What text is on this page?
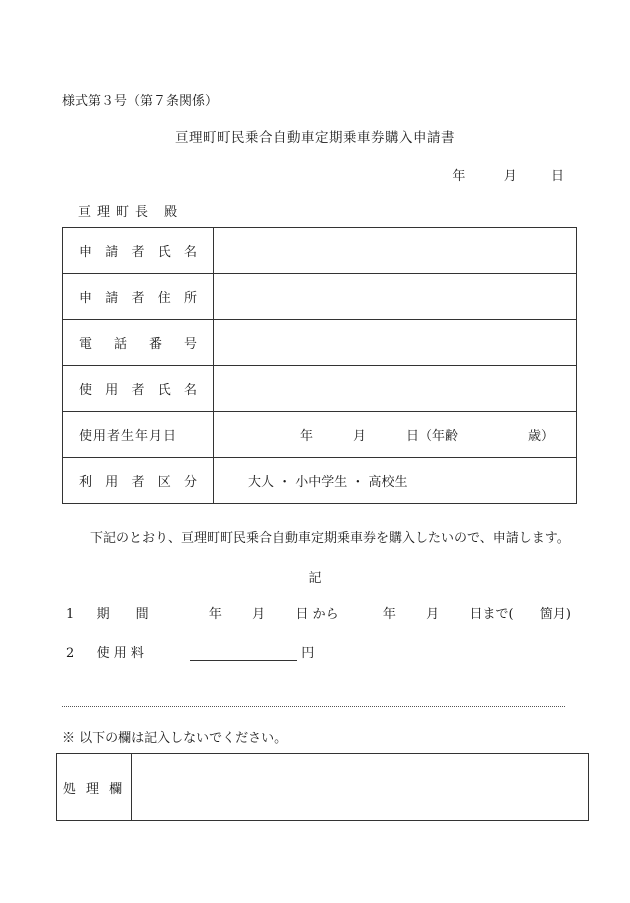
様式第３号（第７条関係）
亘理町町民乗合自動車定期乗車券購入申請書
年	月	日
亘理町長 殿
申 請 者 氏 名	

申 請 者 住 所	

電 話 番 号	

使 用 者 氏 名	

使用者生年月日	年 月 日（年齢 歳）

利 用 者 区 分	大人 ・ 小中学生 ・ 高校生
下記のとおり、亘理町町民乗合自動車定期乗車券を購入したいので、申請します。
記
1 期　　間	年 月 日 から	年 月 日まで( 箇月)
2 使 用 料	円
※ 以下の欄は記入しないでください。
処 理 欄	
